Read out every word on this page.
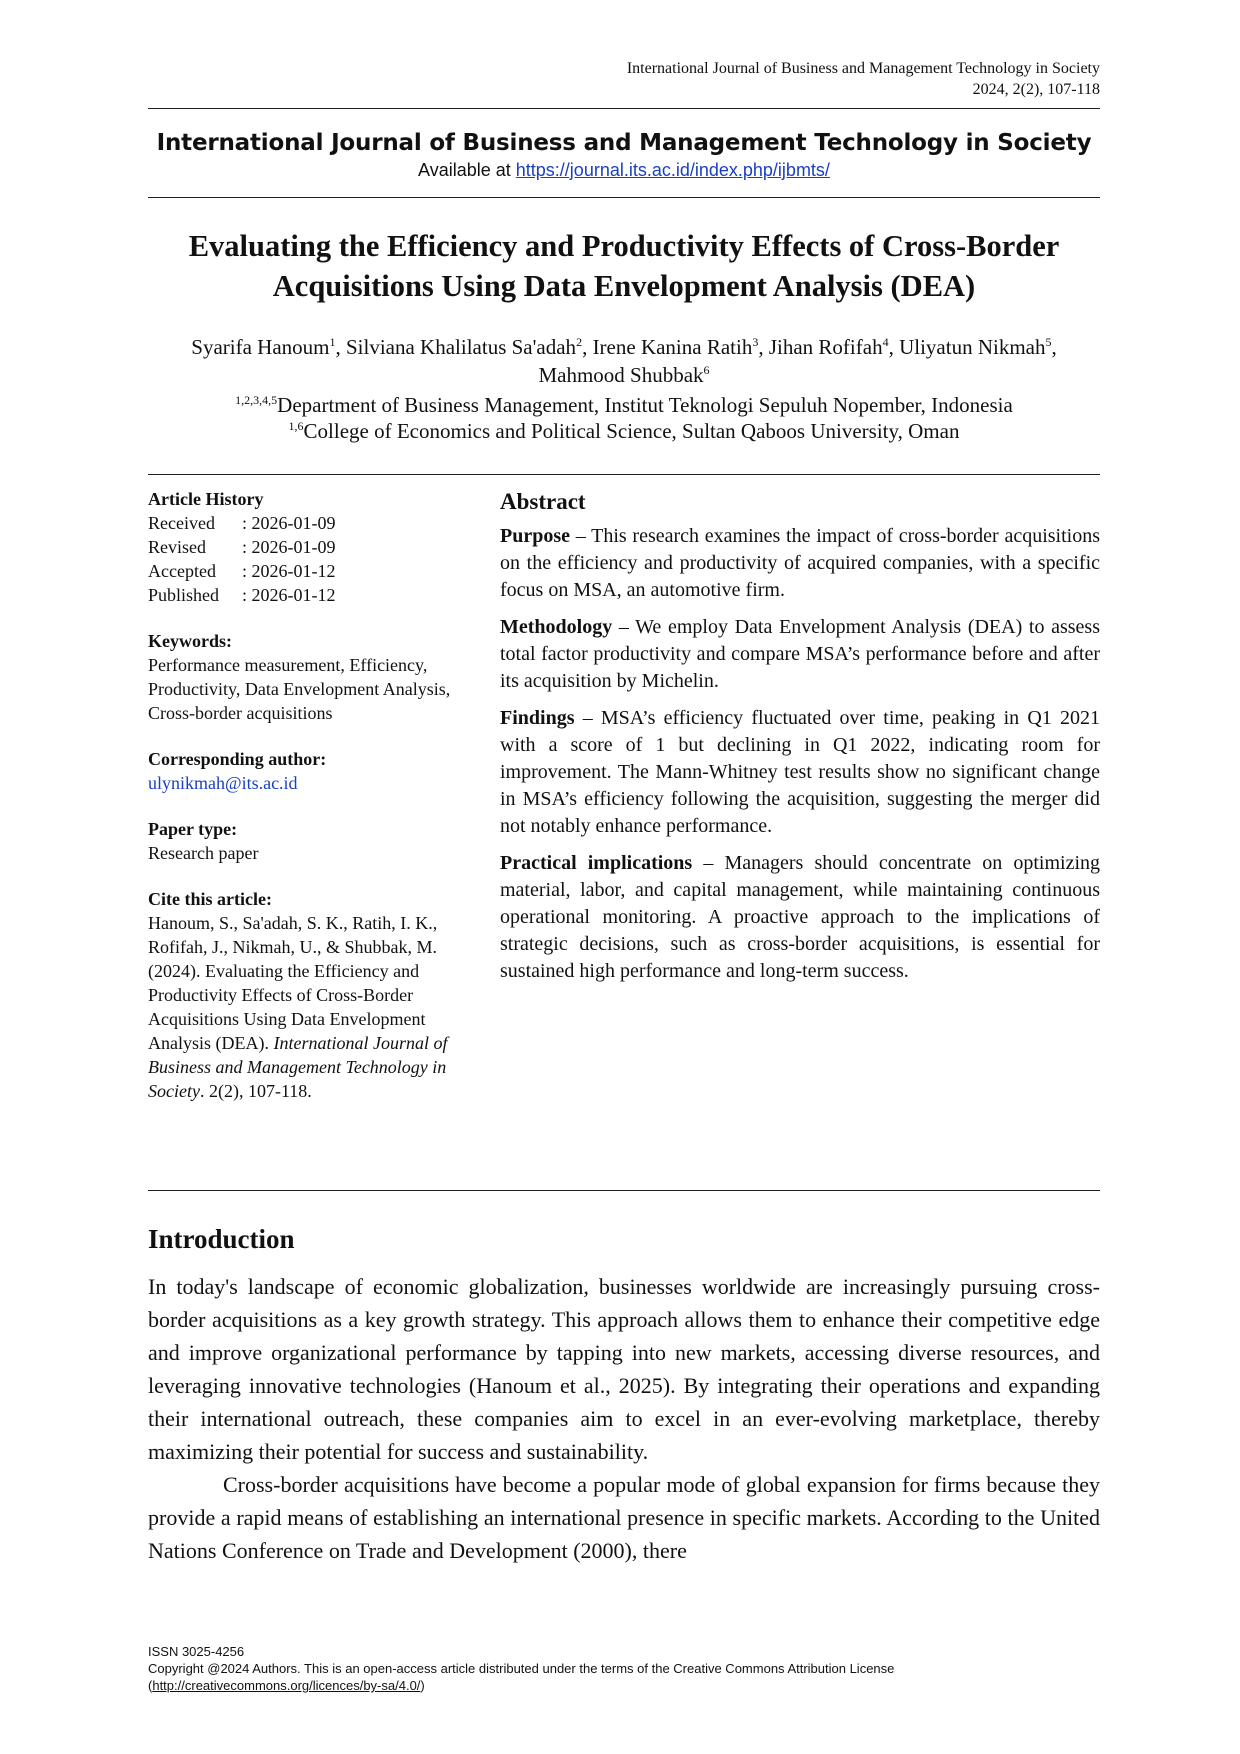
International Journal of Business and Management Technology in Society
2024, 2(2), 107-118
International Journal of Business and Management Technology in Society
Available at https://journal.its.ac.id/index.php/ijbmts/
Evaluating the Efficiency and Productivity Effects of Cross-Border Acquisitions Using Data Envelopment Analysis (DEA)
Syarifa Hanoum$^1$, Silviana Khalilatus Sa'adah$^2$, Irene Kanina Ratih$^3$, Jihan Rofifah$^4$, Uliyatun Nikmah$^5$, Mahmood Shubbak$^6$
$^{1,2,3,4,5}$Department of Business Management, Institut Teknologi Sepuluh Nopember, Indonesia
$^{1,6}$College of Economics and Political Science, Sultan Qaboos University, Oman
Article History
Received : 2026-01-09
Revised : 2026-01-09
Accepted : 2026-01-12
Published : 2026-01-12
Keywords:
Performance measurement, Efficiency, Productivity, Data Envelopment Analysis, Cross-border acquisitions
Corresponding author:
ulynikmah@its.ac.id
Paper type:
Research paper
Cite this article:
Hanoum, S., Sa'adah, S. K., Ratih, I. K., Rofifah, J., Nikmah, U., & Shubbak, M. (2024). Evaluating the Efficiency and Productivity Effects of Cross-Border Acquisitions Using Data Envelopment Analysis (DEA). International Journal of Business and Management Technology in Society. 2(2), 107-118.
Abstract

Purpose – This research examines the impact of cross-border acquisitions on the efficiency and productivity of acquired companies, with a specific focus on MSA, an automotive firm.

Methodology – We employ Data Envelopment Analysis (DEA) to assess total factor productivity and compare MSA’s performance before and after its acquisition by Michelin.

Findings – MSA’s efficiency fluctuated over time, peaking in Q1 2021 with a score of 1 but declining in Q1 2022, indicating room for improvement. The Mann-Whitney test results show no significant change in MSA’s efficiency following the acquisition, suggesting the merger did not notably enhance performance.

Practical implications – Managers should concentrate on optimizing material, labor, and capital management, while maintaining continuous operational monitoring. A proactive approach to the implications of strategic decisions, such as cross-border acquisitions, is essential for sustained high performance and long-term success.

Introduction

In today's landscape of economic globalization, businesses worldwide are increasingly pursuing cross-border acquisitions as a key growth strategy. This approach allows them to enhance their competitive edge and improve organizational performance by tapping into new markets, accessing diverse resources, and leveraging innovative technologies (Hanoum et al., 2025). By integrating their operations and expanding their international outreach, these companies aim to excel in an ever-evolving marketplace, thereby maximizing their potential for success and sustainability.

Cross-border acquisitions have become a popular mode of global expansion for firms because they provide a rapid means of establishing an international presence in specific markets. According to the United Nations Conference on Trade and Development (2000), there

ISSN 3025-4256
Copyright @2024 Authors. This is an open-access article distributed under the terms of the Creative Commons Attribution License
(http://creativecommons.org/licences/by-sa/4.0/)
